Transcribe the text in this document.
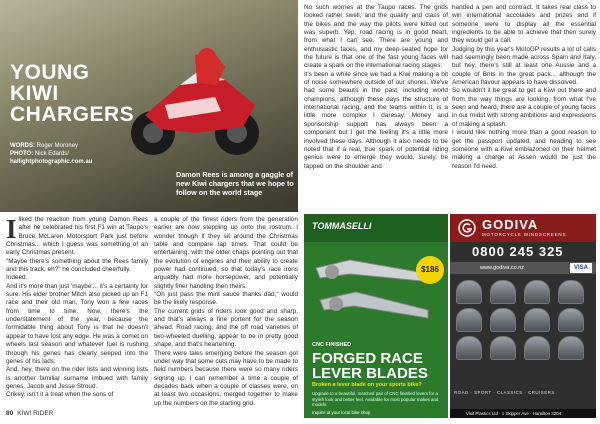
YOUNG
KIWI
CHARGERS
WORDS: Roger Moroney
PHOTO: Nick Edards/
hallightphotographic.com.au
Damon Rees is among a gaggle of new Kiwi chargers that we hope to follow on the world stage

Iliked the reaction from young Damon Rees after he celebrated his first F1 win at Taupo's Bruce McLaren Motorsport Park just before Christmas... which I guess was something of an early Christmas present.

"Maybe there's something about the Rees family and this track, eh?" he concluded cheerfully.

Indeed.

And it's more than just 'maybe'... it's a certainty for sure. His elder brother Mitch also picked up an F1 race and their old man, Tony won a few races from time to time. Now, there's the understatement of the year, because the formidable thing about Tony is that he doesn't appear to have lost any edge. He was a comet on wheels last season and whatever fuel is rushing through his genes has clearly seeped into the genes of his lads.

And, hey, there on the rider lists and winning lists is another familiar surname imbued with family genes. Jacob and Jesse Stroud.

Crikey, isn't it a treat when the sons of

a couple of the finest riders from the generation earlier are now stepping up onto the rostrum. I wonder though if they sit around the Christmas table and compare lap times. That could be entertaining, with the older chaps pointing out that the evolution of engines and their ability to create power had continued, so that today's race irons arguably had more horsepower, and potentially slightly finer handling then theirs.

"Oh just pass the mint sauce thanks dad," would be the likely response.

The current grids of riders look good and sharp, and that's always a fine portent for the season ahead. Road racing, and the off road varieties of two-wheeled duelling, appear to be in pretty good shape, and that's heartening.

There were tales emerging before the season got under way that some cuts may have to be made to field numbers because there were so many riders signing up. I can remember a time a couple of decades back when a couple of classes were, on at least two occasions, merged together to make up the numbers on the starting grid.

No such worries at the Taupo races. The grids looked rather swell, and the quality and class of the bikes and the way the pilots were kitted out was superb. Yep, road racing is in good heart, from what I can see. There are young and enthusiastic faces, and my deep-seated hope for the future is that one of the fast young faces will create a spark on the international racing stages.

It's been a while since we had a Kiwi making a bit of noise somewhere outside of our shores. We've had some beauts in the past, including world champions, although these days the structure of international racing, and the teams within it, is a little more complex I daresay. Money and sponsorship support has always been a component but I get the feeling it's a little more involved these days. Although it also needs to be noted that if a real, true spark of potential riding genius were to emerge they would, surely, be tapped on the shoulder and

handed a pen and contract. It takes real class to win international accolades and prizes and if someone were to display all the essential ingredients to be able to achieve that then surely they would get a call.

Judging by this year's MotoGP results a lot of calls had seemingly been made across Spain and Italy, but hey, there's still at least one Aussie and a couple of Brits in the great pack... although the American flavour appears to have dissolved.

So wouldn't it be great to get a Kiwi out there and from the way things are looking, from what I've seen and heard, there are a couple of young faces in our midst with strong ambitions and expressions of making a splash.

I would like nothing more than a good reason to get the passport updated, and heading to see someone with a Kiwi emblazoned on their helmet making a charge at Assen would be just the reason I'd need.

80 KIWI RIDER
TOMMASELLI
$186
CNC FINISHED
FORGED RACE
LEVER BLADES
Broken a lever blade on your sports bike?
Upgrade to a beautiful, matched pair of CNC finished levers for a stylish look and better feel. Available for most popular makes and models.
Inquire at your local bike shop
GODIVA
MOTORCYCLE WINDSCREENS
0800 245 325
www.godiva.co.nz	VISA
ROAD · SPORT · CLASSICS · CRUISERS
Visit Plastics Ltd · 1 Skipper Ave · Hamilton 3204
